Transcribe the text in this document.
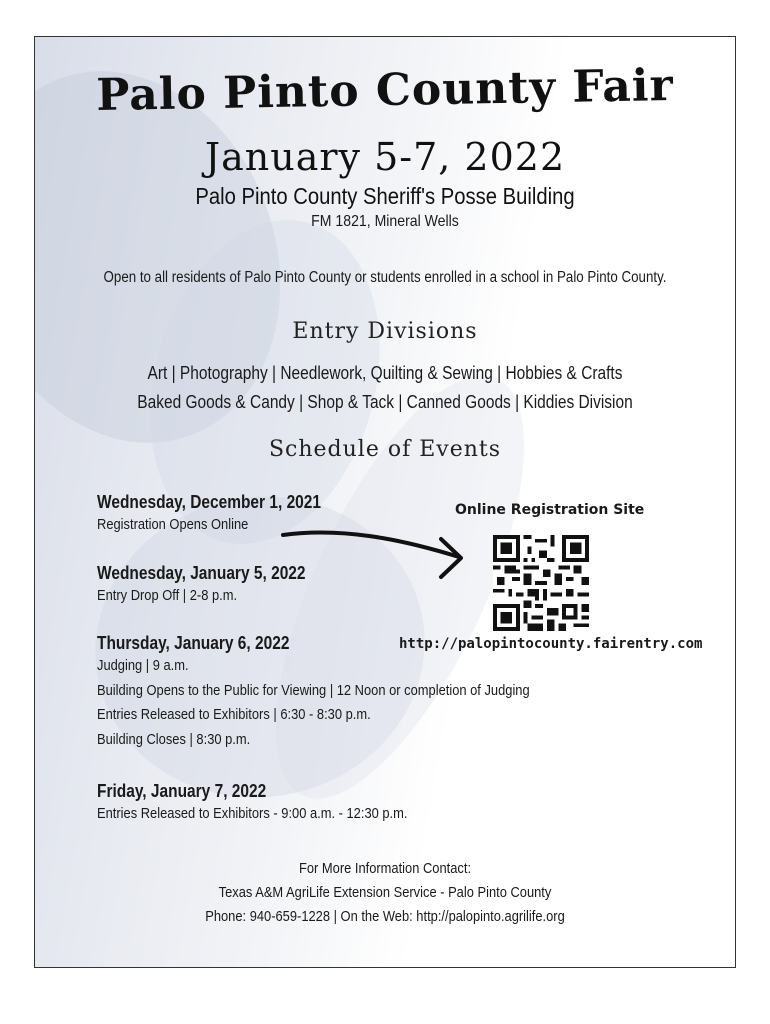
Palo Pinto County Fair
January 5-7, 2022
Palo Pinto County Sheriff's Posse Building
FM 1821, Mineral Wells
Open to all residents of Palo Pinto County or students enrolled in a school in Palo Pinto County.
Entry Divisions
Art | Photography | Needlework, Quilting & Sewing | Hobbies & Crafts
Baked Goods & Candy | Shop & Tack | Canned Goods | Kiddies Division
Schedule of Events
Wednesday, December 1, 2021
Registration Opens Online
Wednesday, January 5, 2022
Entry Drop Off | 2-8 p.m.
Thursday, January 6, 2022
Judging | 9 a.m.
Building Opens to the Public for Viewing | 12 Noon or completion of Judging
Entries Released to Exhibitors | 6:30 - 8:30 p.m.
Building Closes | 8:30 p.m.
Friday, January 7, 2022
Entries Released to Exhibitors - 9:00 a.m. - 12:30 p.m.
Online Registration Site
http://palopintocounty.fairentry.com
For More Information Contact:
Texas A&M AgriLife Extension Service - Palo Pinto County
Phone: 940-659-1228 | On the Web: http://palopinto.agrilife.org
